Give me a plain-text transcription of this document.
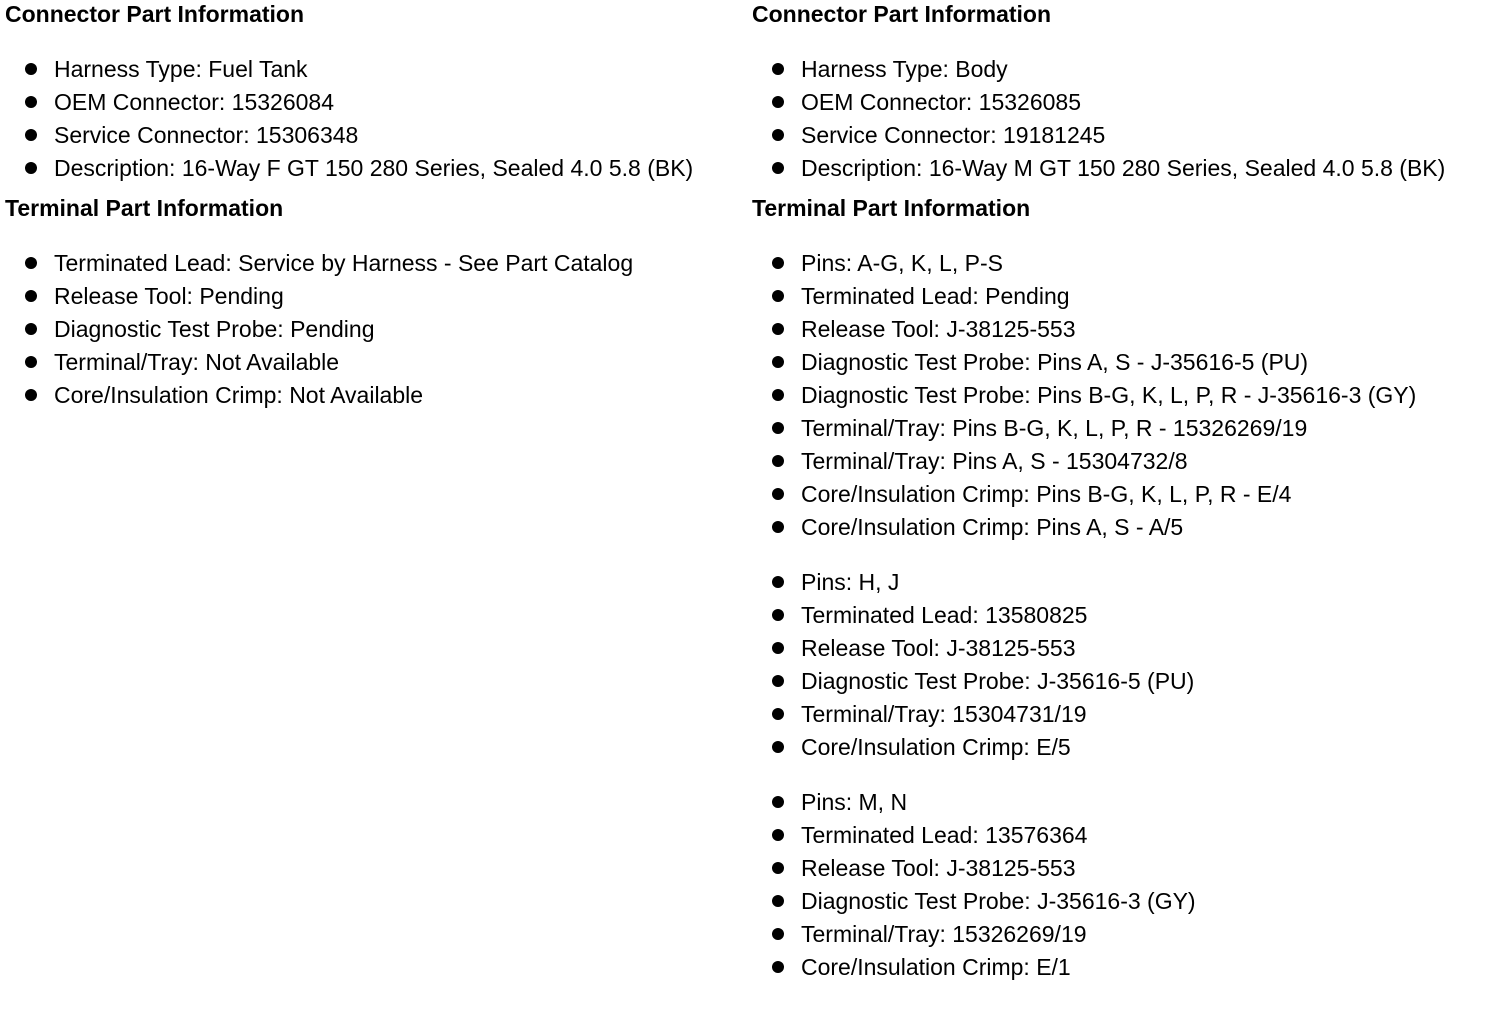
Connector Part Information
Harness Type: Fuel Tank
OEM Connector: 15326084
Service Connector: 15306348
Description: 16-Way F GT 150 280 Series, Sealed 4.0 5.8 (BK)
Terminal Part Information
Terminated Lead: Service by Harness - See Part Catalog
Release Tool: Pending
Diagnostic Test Probe: Pending
Terminal/Tray: Not Available
Core/Insulation Crimp: Not Available
Connector Part Information
Harness Type: Body
OEM Connector: 15326085
Service Connector: 19181245
Description: 16-Way M GT 150 280 Series, Sealed 4.0 5.8 (BK)
Terminal Part Information
Pins: A-G, K, L, P-S
Terminated Lead: Pending
Release Tool: J-38125-553
Diagnostic Test Probe: Pins A, S - J-35616-5 (PU)
Diagnostic Test Probe: Pins B-G, K, L, P, R - J-35616-3 (GY)
Terminal/Tray: Pins B-G, K, L, P, R - 15326269/19
Terminal/Tray: Pins A, S - 15304732/8
Core/Insulation Crimp: Pins B-G, K, L, P, R - E/4
Core/Insulation Crimp: Pins A, S - A/5
Pins: H, J
Terminated Lead: 13580825
Release Tool: J-38125-553
Diagnostic Test Probe: J-35616-5 (PU)
Terminal/Tray: 15304731/19
Core/Insulation Crimp: E/5
Pins: M, N
Terminated Lead: 13576364
Release Tool: J-38125-553
Diagnostic Test Probe: J-35616-3 (GY)
Terminal/Tray: 15326269/19
Core/Insulation Crimp: E/1
